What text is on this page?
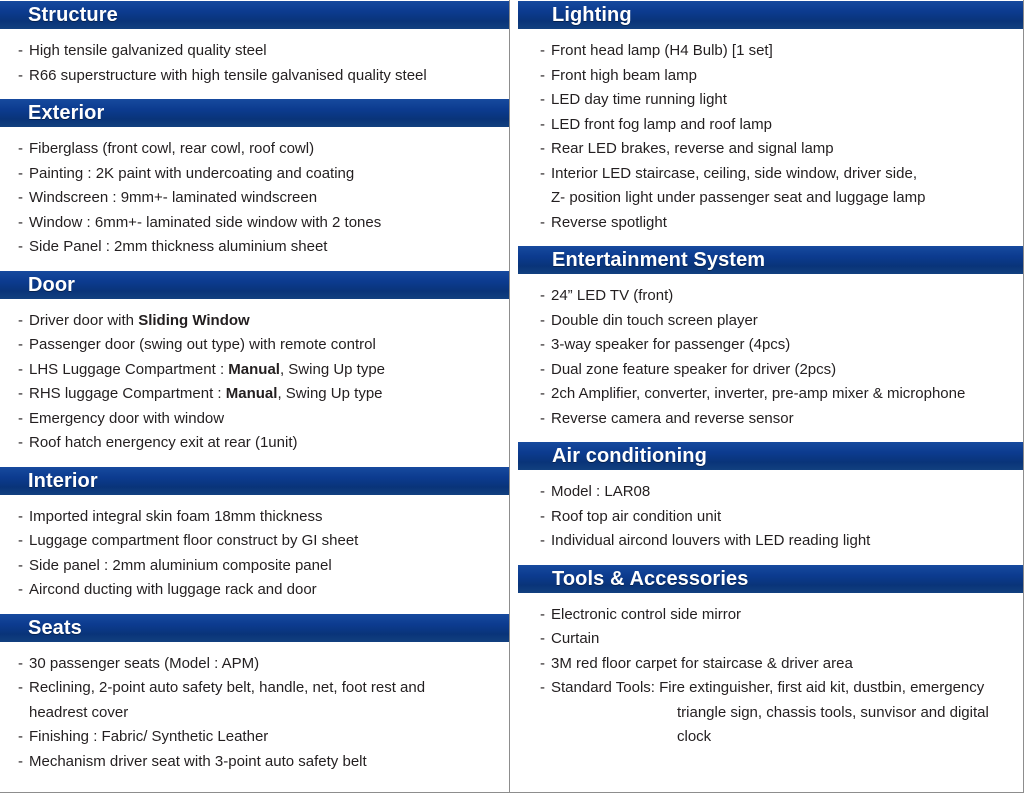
Structure
- High tensile galvanized quality steel
- R66 superstructure with high tensile galvanised quality steel
Exterior
- Fiberglass (front cowl, rear cowl, roof cowl)
- Painting : 2K paint with undercoating and coating
- Windscreen : 9mm+- laminated windscreen
- Window : 6mm+- laminated side window with 2 tones
- Side Panel : 2mm thickness aluminium sheet
Door
- Driver door with Sliding Window
- Passenger door (swing out type) with remote control
- LHS Luggage Compartment : Manual, Swing Up type
- RHS luggage Compartment : Manual, Swing Up type
- Emergency door with window
- Roof hatch energency exit at rear (1unit)
Interior
- Imported integral skin foam 18mm thickness
- Luggage compartment floor construct by GI sheet
- Side panel : 2mm aluminium composite panel
- Aircond ducting with luggage rack and door
Seats
- 30 passenger seats (Model : APM)
- Reclining, 2-point auto safety belt, handle, net, foot rest and
headrest cover
- Finishing : Fabric/ Synthetic Leather
- Mechanism driver seat with 3-point auto safety belt
Lighting
- Front head lamp (H4 Bulb) [1 set]
- Front high beam lamp
- LED day time running light
- LED front fog lamp and roof lamp
- Rear LED brakes, reverse and signal lamp
- Interior LED staircase, ceiling, side window, driver side,
Z- position light under passenger seat and luggage lamp
- Reverse spotlight
Entertainment System
- 24” LED TV (front)
- Double din touch screen player
- 3-way speaker for passenger (4pcs)
- Dual zone feature speaker for driver (2pcs)
- 2ch Amplifier, converter, inverter, pre-amp mixer & microphone
- Reverse camera and reverse sensor
Air conditioning
- Model : LAR08
- Roof top air condition unit
- Individual aircond louvers with LED reading light
Tools & Accessories
- Electronic control side mirror
- Curtain
- 3M red floor carpet for staircase & driver area
- Standard Tools: Fire extinguisher, first aid kit, dustbin, emergency
triangle sign, chassis tools, sunvisor and digital
clock
